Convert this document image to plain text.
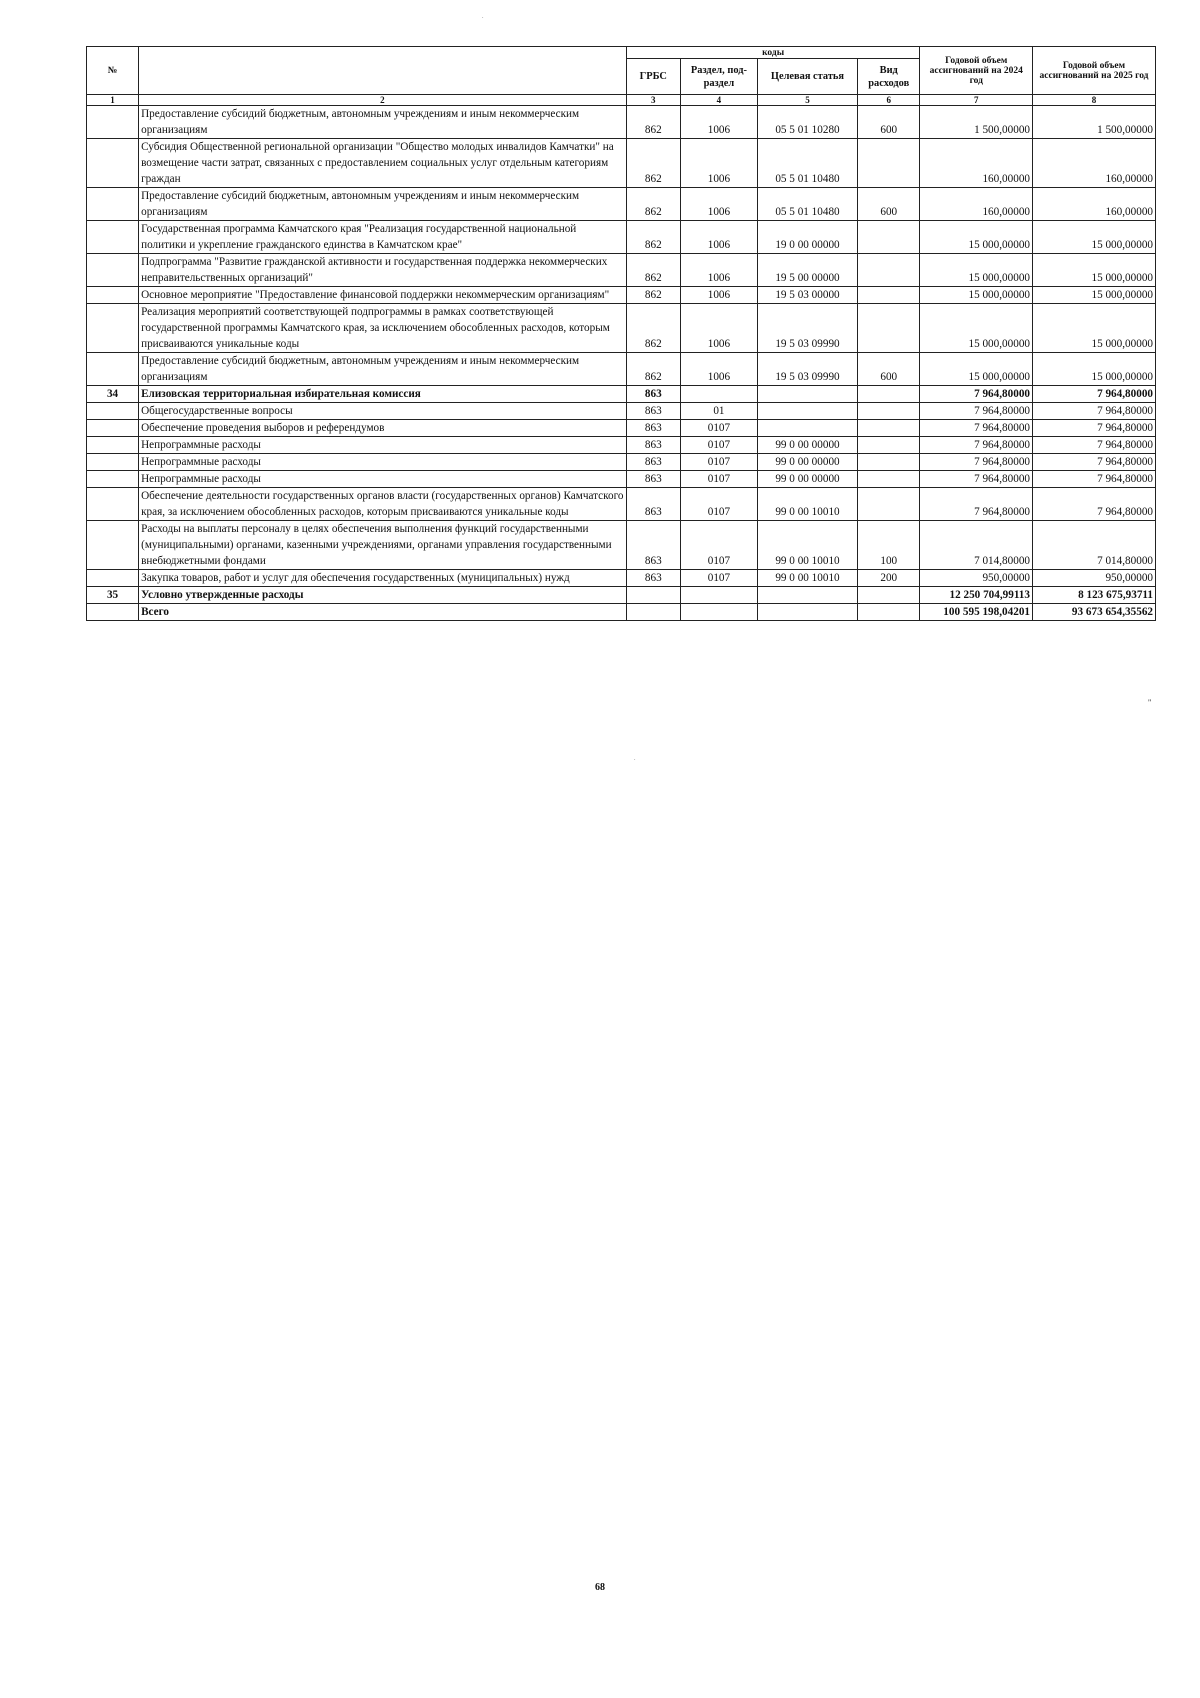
№		коды				Годовой объем ассигнований на 2024 год	Годовой объем ассигнований на 2025 год
		ГРБС	Раздел, под-раздел	Целевая статья	Вид расходов		
1	2	3	4	5	6	7	8
	Предоставление субсидий бюджетным, автономным учреждениям и иным некоммерческим организациям	862	1006	05 5 01 10280	600	1 500,00000	1 500,00000
	Субсидия Общественной региональной организации "Общество молодых инвалидов Камчатки" на возмещение части затрат, связанных с предоставлением социальных услуг отдельным категориям граждан	862	1006	05 5 01 10480		160,00000	160,00000
	Предоставление субсидий бюджетным, автономным учреждениям и иным некоммерческим организациям	862	1006	05 5 01 10480	600	160,00000	160,00000
	Государственная программа Камчатского края "Реализация государственной национальной политики и укрепление гражданского единства в Камчатском крае"	862	1006	19 0 00 00000		15 000,00000	15 000,00000
	Подпрограмма "Развитие гражданской активности и государственная поддержка некоммерческих неправительственных организаций"	862	1006	19 5 00 00000		15 000,00000	15 000,00000
	Основное мероприятие "Предоставление финансовой поддержки некоммерческим организациям"	862	1006	19 5 03 00000		15 000,00000	15 000,00000
	Реализация мероприятий соответствующей подпрограммы в рамках соответствующей государственной программы Камчатского края, за исключением обособленных расходов, которым присваиваются уникальные коды	862	1006	19 5 03 09990		15 000,00000	15 000,00000
	Предоставление субсидий бюджетным, автономным учреждениям и иным некоммерческим организациям	862	1006	19 5 03 09990	600	15 000,00000	15 000,00000
34	Елизовская территориальная избирательная комиссия	863				7 964,80000	7 964,80000
	Общегосударственные вопросы	863	01			7 964,80000	7 964,80000
	Обеспечение проведения выборов и референдумов	863	0107			7 964,80000	7 964,80000
	Непрограммные расходы	863	0107	99 0 00 00000		7 964,80000	7 964,80000
	Непрограммные расходы	863	0107	99 0 00 00000		7 964,80000	7 964,80000
	Непрограммные расходы	863	0107	99 0 00 00000		7 964,80000	7 964,80000
	Обеспечение деятельности государственных органов власти (государственных органов) Камчатского края, за исключением обособленных расходов, которым присваиваются уникальные коды	863	0107	99 0 00 10010		7 964,80000	7 964,80000
	Расходы на выплаты персоналу в целях обеспечения выполнения функций государственными (муниципальными) органами, казенными учреждениями, органами управления государственными внебюджетными фондами	863	0107	99 0 00 10010	100	7 014,80000	7 014,80000
	Закупка товаров, работ и услуг для обеспечения государственных (муниципальных) нужд	863	0107	99 0 00 10010	200	950,00000	950,00000
35	Условно утвержденные расходы					12 250 704,99113	8 123 675,93711
	Всего					100 595 198,04201	93 673 654,35562
"
.
.
68
